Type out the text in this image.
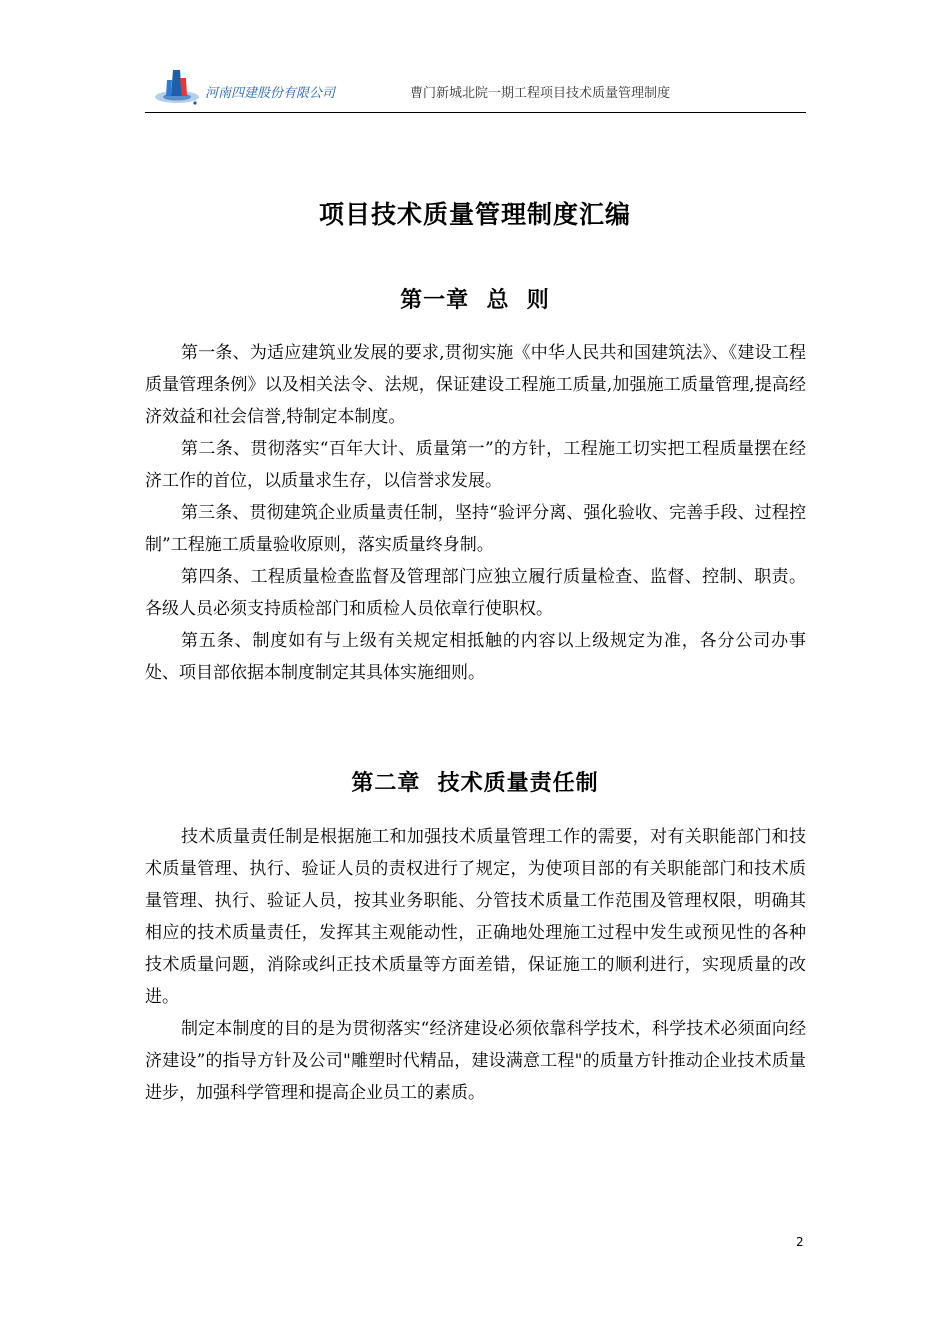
河南四建股份有限公司	曹门新城北院一期工程项目技术质量管理制度
项目技术质量管理制度汇编
第一章  总  则

第一条、为适应建筑业发展的要求,贯彻实施《中华人民共和国建筑法》、《建设工程质量管理条例》以及相关法令、法规，保证建设工程施工质量,加强施工质量管理,提高经济效益和社会信誉,特制定本制度。

第二条、贯彻落实“百年大计、质量第一”的方针，工程施工切实把工程质量摆在经济工作的首位，以质量求生存，以信誉求发展。

第三条、贯彻建筑企业质量责任制，坚持“验评分离、强化验收、完善手段、过程控制”工程施工质量验收原则，落实质量终身制。

第四条、工程质量检查监督及管理部门应独立履行质量检查、监督、控制、职责。各级人员必须支持质检部门和质检人员依章行使职权。

第五条、制度如有与上级有关规定相抵触的内容以上级规定为准，各分公司办事处、项目部依据本制度制定其具体实施细则。

第二章  技术质量责任制

技术质量责任制是根据施工和加强技术质量管理工作的需要，对有关职能部门和技术质量管理、执行、验证人员的责权进行了规定，为使项目部的有关职能部门和技术质量管理、执行、验证人员，按其业务职能、分管技术质量工作范围及管理权限，明确其相应的技术质量责任，发挥其主观能动性，正确地处理施工过程中发生或预见性的各种技术质量问题，消除或纠正技术质量等方面差错，保证施工的顺利进行，实现质量的改进。

制定本制度的目的是为贯彻落实“经济建设必须依靠科学技术，科学技术必须面向经济建设”的指导方针及公司"雕塑时代精品，建设满意工程"的质量方针推动企业技术质量进步，加强科学管理和提高企业员工的素质。

2
